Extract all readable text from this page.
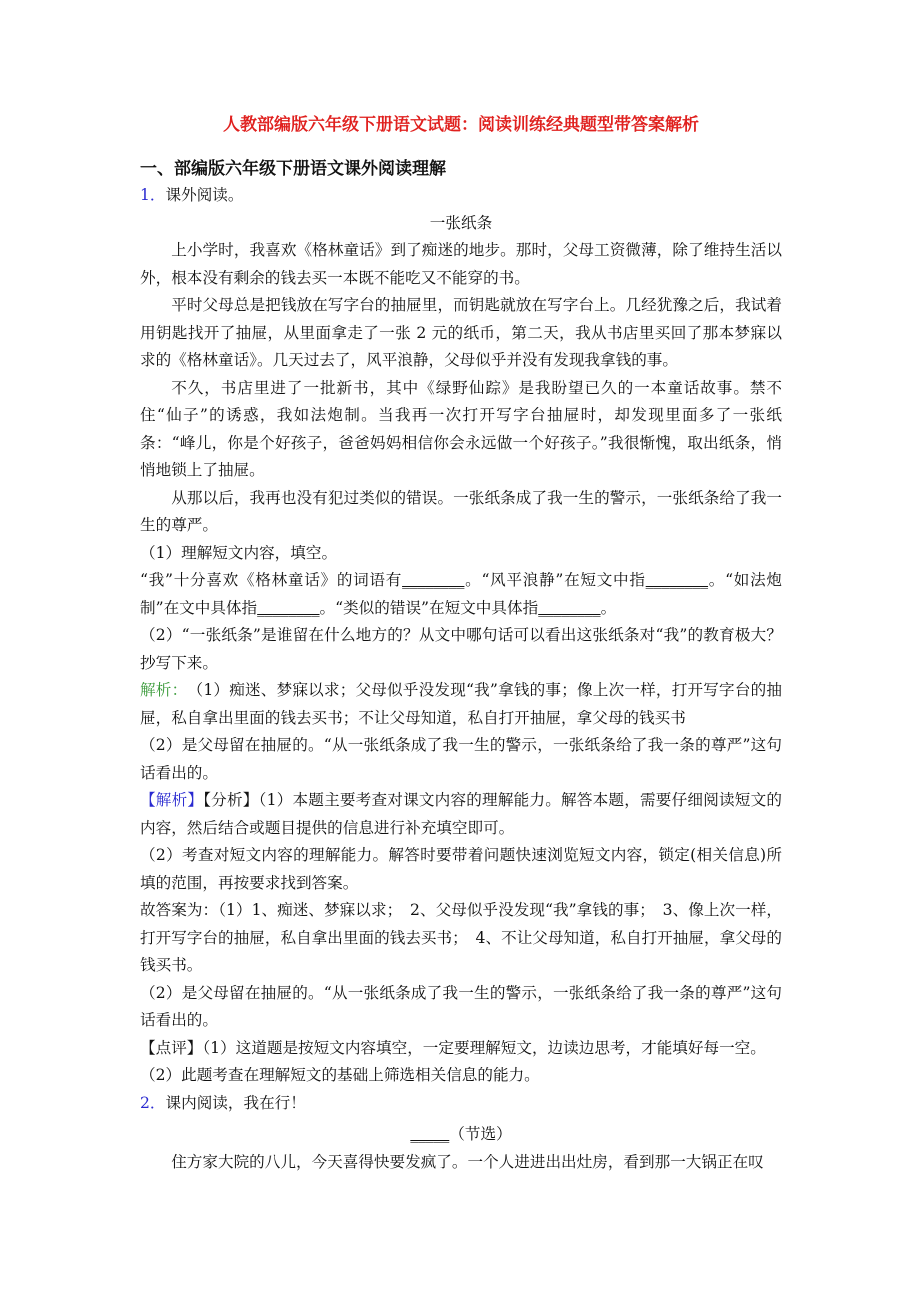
人教部编版六年级下册语文试题：阅读训练经典题型带答案解析

一、部编版六年级下册语文课外阅读理解

1．课外阅读。

一张纸条

上小学时，我喜欢《格林童话》到了痴迷的地步。那时，父母工资微薄，除了维持生活以外，根本没有剩余的钱去买一本既不能吃又不能穿的书。

平时父母总是把钱放在写字台的抽屉里，而钥匙就放在写字台上。几经犹豫之后，我试着用钥匙找开了抽屉，从里面拿走了一张 2 元的纸币，第二天，我从书店里买回了那本梦寐以求的《格林童话》。几天过去了，风平浪静，父母似乎并没有发现我拿钱的事。

不久，书店里进了一批新书，其中《绿野仙踪》是我盼望已久的一本童话故事。禁不住“仙子”的诱惑，我如法炮制。当我再一次打开写字台抽屉时，却发现里面多了一张纸条：“峰儿，你是个好孩子，爸爸妈妈相信你会永远做一个好孩子。”我很惭愧，取出纸条，悄悄地锁上了抽屉。

从那以后，我再也没有犯过类似的错误。一张纸条成了我一生的警示，一张纸条给了我一生的尊严。

（1）理解短文内容，填空。

“我”十分喜欢《格林童话》的词语有________。“风平浪静”在短文中指________。“如法炮制”在文中具体指________。“类似的错误”在短文中具体指________。

（2）“一张纸条”是谁留在什么地方的？从文中哪句话可以看出这张纸条对“我”的教育极大？抄写下来。

解析：　（1）痴迷、梦寐以求；父母似乎没发现“我”拿钱的事；像上次一样，打开写字台的抽屉，私自拿出里面的钱去买书；不让父母知道，私自打开抽屉，拿父母的钱买书

（2）是父母留在抽屉的。“从一张纸条成了我一生的警示，一张纸条给了我一条的尊严”这句话看出的。

【解析】【分析】（1）本题主要考查对课文内容的理解能力。解答本题，需要仔细阅读短文的内容，然后结合或题目提供的信息进行补充填空即可。

（2）考查对短文内容的理解能力。解答时要带着问题快速浏览短文内容，锁定(相关信息)所填的范围，再按要求找到答案。

故答案为：（1）1、痴迷、梦寐以求；　2、父母似乎没发现“我”拿钱的事；　3、像上次一样，打开写字台的抽屉，私自拿出里面的钱去买书；　4、不让父母知道，私自打开抽屉，拿父母的钱买书。

（2）是父母留在抽屉的。“从一张纸条成了我一生的警示，一张纸条给了我一条的尊严”这句话看出的。

【点评】（1）这道题是按短文内容填空，一定要理解短文，边读边思考，才能填好每一空。

（2）此题考查在理解短文的基础上筛选相关信息的能力。

2．课内阅读，我在行！

_____（节选）

住方家大院的八儿，今天喜得快要发疯了。一个人进进出出灶房，看到那一大锅正在叹
